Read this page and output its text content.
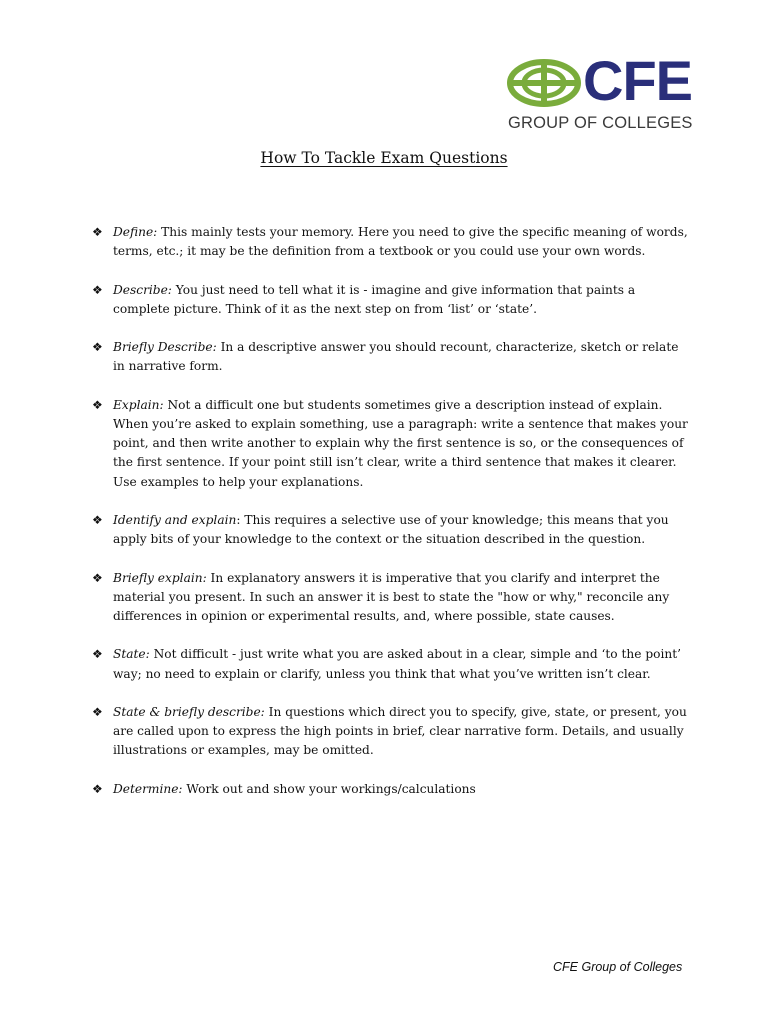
CFE
GROUP OF COLLEGES
How To Tackle Exam Questions
❖ Define: This mainly tests your memory. Here you need to give the specific meaning of words, terms, etc.; it may be the definition from a textbook or you could use your own words.
❖ Describe: You just need to tell what it is - imagine and give information that paints a complete picture. Think of it as the next step on from ‘list’ or ‘state’.
❖ Briefly Describe: In a descriptive answer you should recount, characterize, sketch or relate in narrative form.
❖ Explain: Not a difficult one but students sometimes give a description instead of explain. When you’re asked to explain something, use a paragraph: write a sentence that makes your point, and then write another to explain why the first sentence is so, or the consequences of the first sentence. If your point still isn’t clear, write a third sentence that makes it clearer. Use examples to help your explanations.
❖ Identify and explain: This requires a selective use of your knowledge; this means that you apply bits of your knowledge to the context or the situation described in the question.
❖ Briefly explain: In explanatory answers it is imperative that you clarify and interpret the material you present. In such an answer it is best to state the "how or why," reconcile any differences in opinion or experimental results, and, where possible, state causes.
❖ State: Not difficult - just write what you are asked about in a clear, simple and ‘to the point’ way; no need to explain or clarify, unless you think that what you’ve written isn’t clear.
❖ State & briefly describe: In questions which direct you to specify, give, state, or present, you are called upon to express the high points in brief, clear narrative form. Details, and usually illustrations or examples, may be omitted.
❖ Determine: Work out and show your workings/calculations
CFE Group of Colleges
